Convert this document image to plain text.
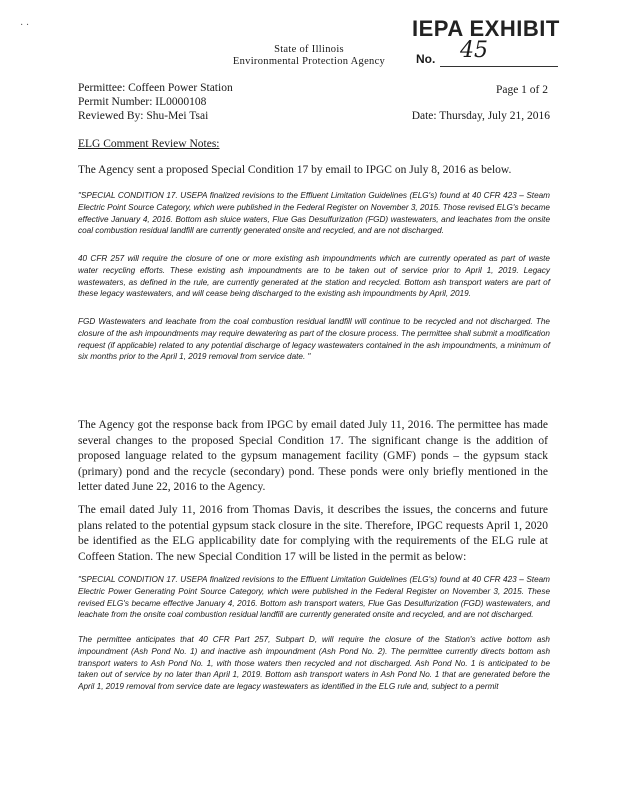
· ·
State of Illinois
Environmental Protection Agency
IEPA EXHIBIT
No. 45
Permittee: Coffeen Power Station
Permit Number: IL0000108
Reviewed By: Shu-Mei Tsai
Page 1 of 2
Date: Thursday, July 21, 2016
ELG Comment Review Notes:
The Agency sent a proposed Special Condition 17 by email to IPGC on July 8, 2016 as below.
"SPECIAL CONDITION 17. USEPA finalized revisions to the Effluent Limitation Guidelines (ELG's) found at 40 CFR 423 – Steam Electric Point Source Category, which were published in the Federal Register on November 3, 2015. Those revised ELG's became effective January 4, 2016. Bottom ash sluice waters, Flue Gas Desulfurization (FGD) wastewaters, and leachates from the onsite coal combustion residual landfill are currently generated onsite and recycled, and are not discharged.
40 CFR 257 will require the closure of one or more existing ash impoundments which are currently operated as part of waste water recycling efforts. These existing ash impoundments are to be taken out of service prior to April 1, 2019. Legacy wastewaters, as defined in the rule, are currently generated at the station and recycled. Bottom ash transport waters are part of these legacy wastewaters, and will cease being discharged to the existing ash impoundments by April, 2019.
FGD Wastewaters and leachate from the coal combustion residual landfill will continue to be recycled and not discharged. The closure of the ash impoundments may require dewatering as part of the closure process. The permittee shall submit a modification request (if applicable) related to any potential discharge of legacy wastewaters contained in the ash impoundments, a minimum of six months prior to the April 1, 2019 removal from service date. "
The Agency got the response back from IPGC by email dated July 11, 2016. The permittee has made several changes to the proposed Special Condition 17. The significant change is the addition of proposed language related to the gypsum management facility (GMF) ponds – the gypsum stack (primary) pond and the recycle (secondary) pond. These ponds were only briefly mentioned in the letter dated June 22, 2016 to the Agency.
The email dated July 11, 2016 from Thomas Davis, it describes the issues, the concerns and future plans related to the potential gypsum stack closure in the site. Therefore, IPGC requests April 1, 2020 be identified as the ELG applicability date for complying with the requirements of the ELG rule at Coffeen Station. The new Special Condition 17 will be listed in the permit as below:
"SPECIAL CONDITION 17. USEPA finalized revisions to the Effluent Limitation Guidelines (ELG's) found at 40 CFR 423 – Steam Electric Power Generating Point Source Category, which were published in the Federal Register on November 3, 2015. These revised ELG's became effective January 4, 2016. Bottom ash transport waters, Flue Gas Desulfurization (FGD) wastewaters, and leachate from the onsite coal combustion residual landfill are currently generated onsite and recycled, and are not discharged.
The permittee anticipates that 40 CFR Part 257, Subpart D, will require the closure of the Station's active bottom ash impoundment (Ash Pond No. 1) and inactive ash impoundment (Ash Pond No. 2). The permittee currently directs bottom ash transport waters to Ash Pond No. 1, with those waters then recycled and not discharged. Ash Pond No. 1 is anticipated to be taken out of service by no later than April 1, 2019. Bottom ash transport waters in Ash Pond No. 1 that are generated before the April 1, 2019 removal from service date are legacy wastewaters as identified in the ELG rule and, subject to a permit
